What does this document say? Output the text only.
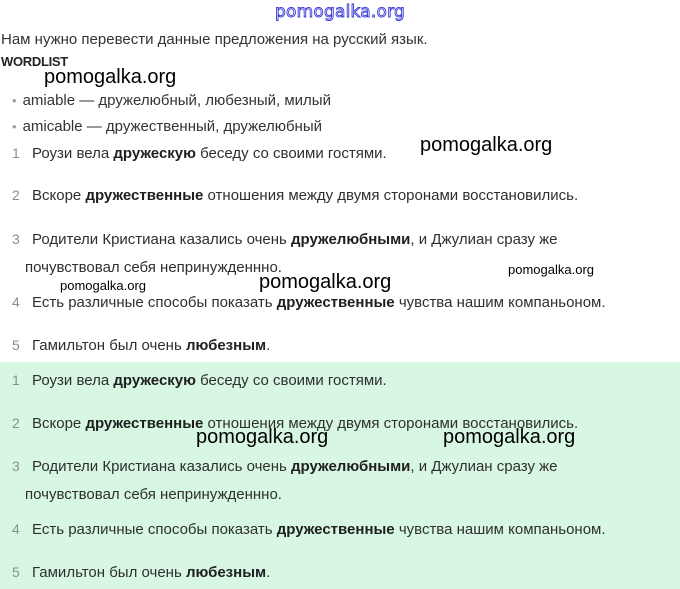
pomogalka.org
Нам нужно перевести данные предложения на русский язык.
WORDLIST
• amiable — дружелюбный, любезный, милый
• amicable — дружественный, дружелюбный
1 Роузи вела дружескую беседу со своими гостями.
2 Вскоре дружественные отношения между двумя сторонами восстановились.
3 Родители Кристиана казались очень дружелюбными, и Джулиан сразу же
почувствовал себя непринужденнно.
4 Есть различные способы показать дружественные чувства нашим компаньоном.
5 Гамильтон был очень любезным.
1 Роузи вела дружескую беседу со своими гостями.
2 Вскоре дружественные отношения между двумя сторонами восстановились.
3 Родители Кристиана казались очень дружелюбными, и Джулиан сразу же
почувствовал себя непринужденнно.
4 Есть различные способы показать дружественные чувства нашим компаньоном.
5 Гамильтон был очень любезным.
pomogalka.org
pomogalka.org
pomogalka.org
pomogalka.org
pomogalka.org
pomogalka.org	pomogalka.org
